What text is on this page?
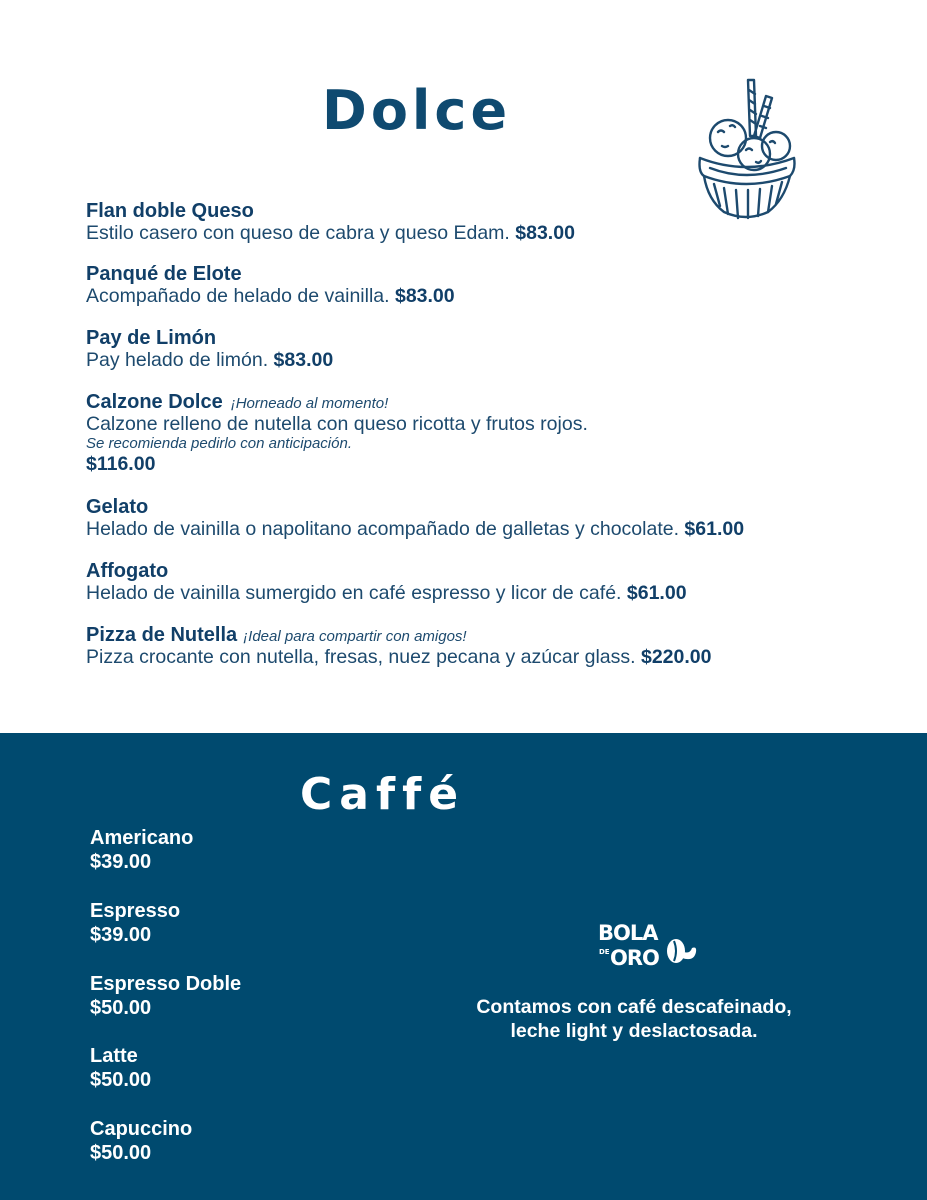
Dolce
Flan doble Queso
Estilo casero con queso de cabra y queso Edam. $83.00
Panqué de Elote
Acompañado de helado de vainilla. $83.00
Pay de Limón
Pay helado de limón. $83.00
Calzone Dolce ¡Horneado al momento!
Calzone relleno de nutella con queso ricotta y frutos rojos.
Se recomienda pedirlo con anticipación.
$116.00
Gelato
Helado de vainilla o napolitano acompañado de galletas y chocolate. $61.00
Affogato
Helado de vainilla sumergido en café espresso y licor de café. $61.00
Pizza de Nutella ¡Ideal para compartir con amigos!
Pizza crocante con nutella, fresas, nuez pecana y azúcar glass. $220.00
Caffé
Americano
$39.00
Espresso
$39.00
Espresso Doble
$50.00
Latte
$50.00
Capuccino
$50.00
BOLA
DE ORO
Contamos con café descafeinado,
leche light y deslactosada.
